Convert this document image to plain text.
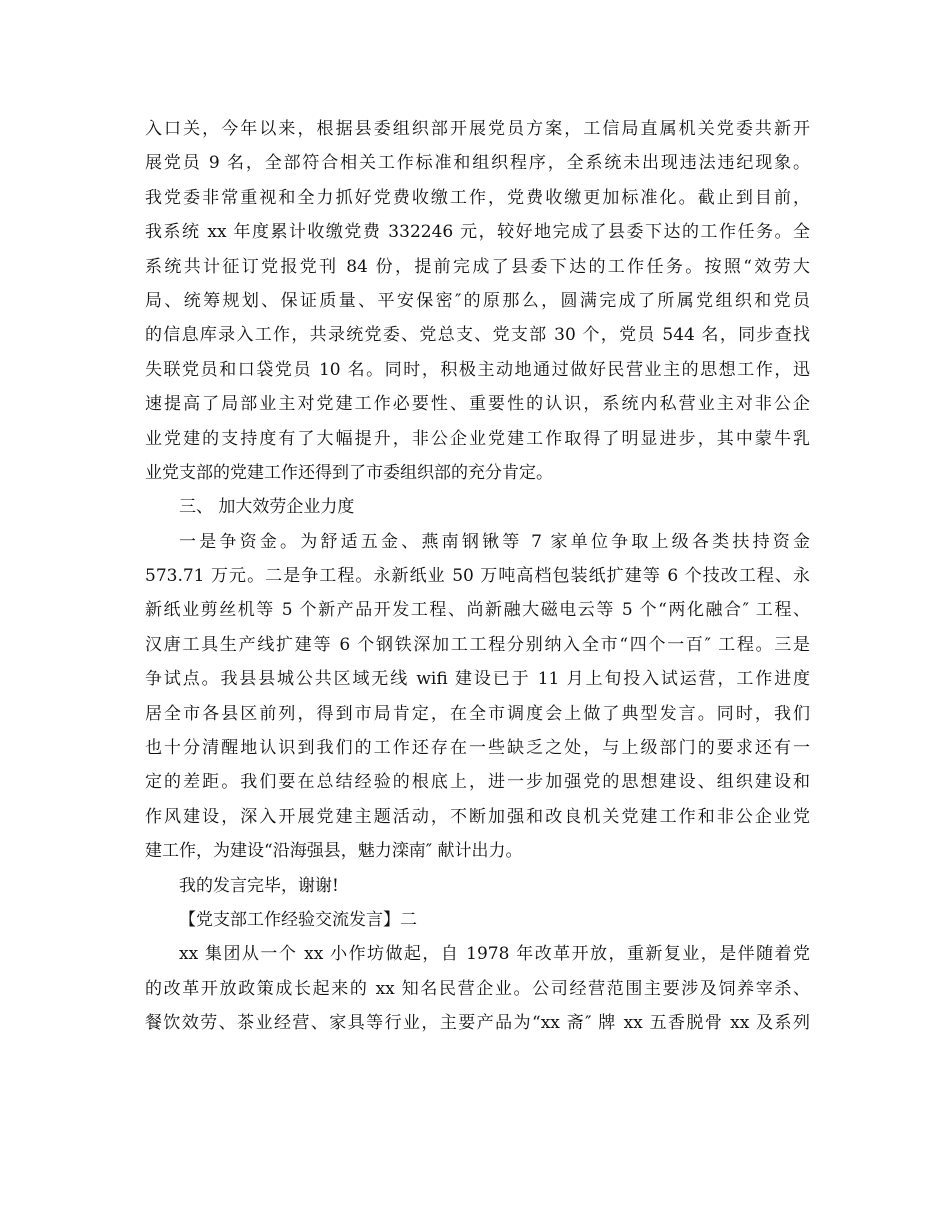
入口关，今年以来，根据县委组织部开展党员方案，工信局直属机关党委共新开
展党员 9 名，全部符合相关工作标准和组织程序，全系统未出现违法违纪现象。
我党委非常重视和全力抓好党费收缴工作，党费收缴更加标准化。截止到目前，
我系统 xx 年度累计收缴党费 332246 元，较好地完成了县委下达的工作任务。全
系统共计征订党报党刊 84 份，提前完成了县委下达的工作任务。按照“效劳大
局、统筹规划、保证质量、平安保密″的原那么，圆满完成了所属党组织和党员
的信息库录入工作，共录统党委、党总支、党支部 30 个，党员 544 名，同步查找
失联党员和口袋党员 10 名。同时，积极主动地通过做好民营业主的思想工作，迅
速提高了局部业主对党建工作必要性、重要性的认识，系统内私营业主对非公企
业党建的支持度有了大幅提升，非公企业党建工作取得了明显进步，其中蒙牛乳
业党支部的党建工作还得到了市委组织部的充分肯定。
三、 加大效劳企业力度
一是争资金。为舒适五金、燕南钢锹等 7 家单位争取上级各类扶持资金
573.71 万元。二是争工程。永新纸业 50 万吨高档包装纸扩建等 6 个技改工程、永
新纸业剪丝机等 5 个新产品开发工程、尚新融大磁电云等 5 个“两化融合″ 工程、
汉唐工具生产线扩建等 6 个钢铁深加工工程分别纳入全市“四个一百″ 工程。三是
争试点。我县县城公共区域无线 wifi 建设已于 11 月上旬投入试运营，工作进度
居全市各县区前列，得到市局肯定，在全市调度会上做了典型发言。同时，我们
也十分清醒地认识到我们的工作还存在一些缺乏之处，与上级部门的要求还有一
定的差距。我们要在总结经验的根底上，进一步加强党的思想建设、组织建设和
作风建设，深入开展党建主题活动，不断加强和改良机关党建工作和非公企业党
建工作，为建设“沿海强县，魅力滦南″ 献计出力。
我的发言完毕，谢谢!
【党支部工作经验交流发言】二
xx 集团从一个 xx 小作坊做起，自 1978 年改革开放，重新复业，是伴随着党
的改革开放政策成长起来的 xx 知名民营企业。公司经营范围主要涉及饲养宰杀、
餐饮效劳、茶业经营、家具等行业，主要产品为“xx 斋″ 牌 xx 五香脱骨 xx 及系列
